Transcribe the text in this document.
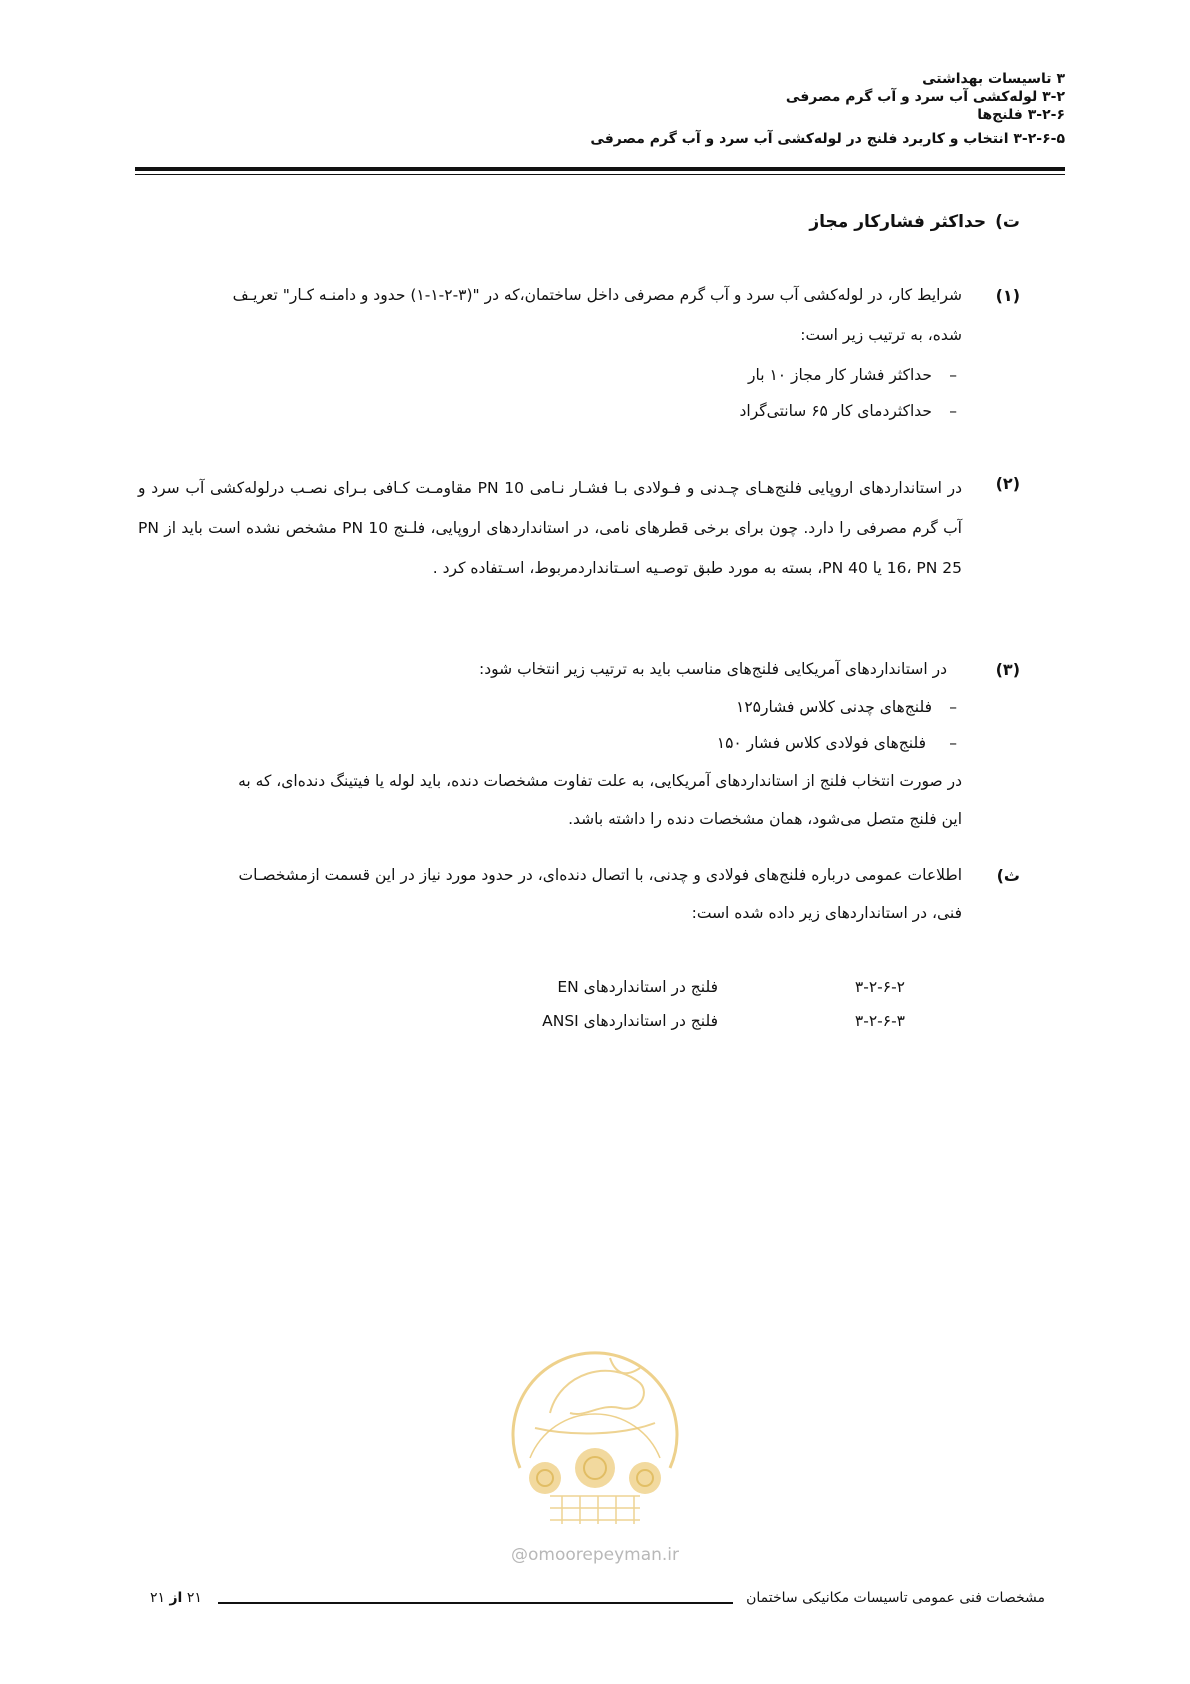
۳ تاسیسات بهداشتی
۳-۲ لوله‌کشی آب سرد و آب گرم مصرفی
۳-۲-۶ فلنج‌ها
۳-۲-۶-۵ انتخاب و کاربرد فلنج در لوله‌کشی آب سرد و آب گرم مصرفی
ت) حداکثر فشارکار مجاز
(۱)
شرایط کار، در لوله‌کشی آب سرد و آب گرم مصرفی داخل ساختمان،که در "(۳-۲-۱-۱) حدود و دامنـه کـار" تعریـف
شده، به ترتیب زیر است:
–
حداکثر فشار کار مجاز ۱۰ بار
–
حداکثردمای کار ۶۵ سانتی‌گراد
(۲)
در استانداردهای اروپایی فلنج‌هـای چـدنی و فـولادی بـا فشـار نـامی PN 10 مقاومـت کـافی بـرای نصـب درلوله‌کشی آب سرد و آب گرم مصرفی را دارد. چون برای برخی قطرهای نامی، در استانداردهای اروپایی، فلـنج PN 10 مشخص نشده است باید از PN 16، PN 25 یا PN 40، بسته به مورد طبق توصـیه اسـتانداردمربوط، اسـتفاده کرد .
(۳)
در استانداردهای آمریکایی فلنج‌های مناسب باید به ترتیب زیر انتخاب شود:
–
فلنج‌های چدنی کلاس فشار۱۲۵
–
فلنج‌های فولادی کلاس فشار ۱۵۰
در صورت انتخاب فلنج از استانداردهای آمریکایی، به علت تفاوت مشخصات دنده، باید لوله یا فیتینگ دنده‌ای، که به
این فلنج متصل می‌شود، همان مشخصات دنده را داشته باشد.
ث)
اطلاعات عمومی درباره فلنج‌های فولادی و چدنی، با اتصال دنده‌ای، در حدود مورد نیاز در این قسمت ازمشخصـات
فنی، در استانداردهای زیر داده شده است:
۳-۲-۶-۲
فلنج در استانداردهای EN
۳-۲-۶-۳
فلنج در استانداردهای ANSI
@omoorepeyman.ir
مشخصات فنی عمومی تاسیسات مکانیکی ساختمان
۲۱ از ۲۱
